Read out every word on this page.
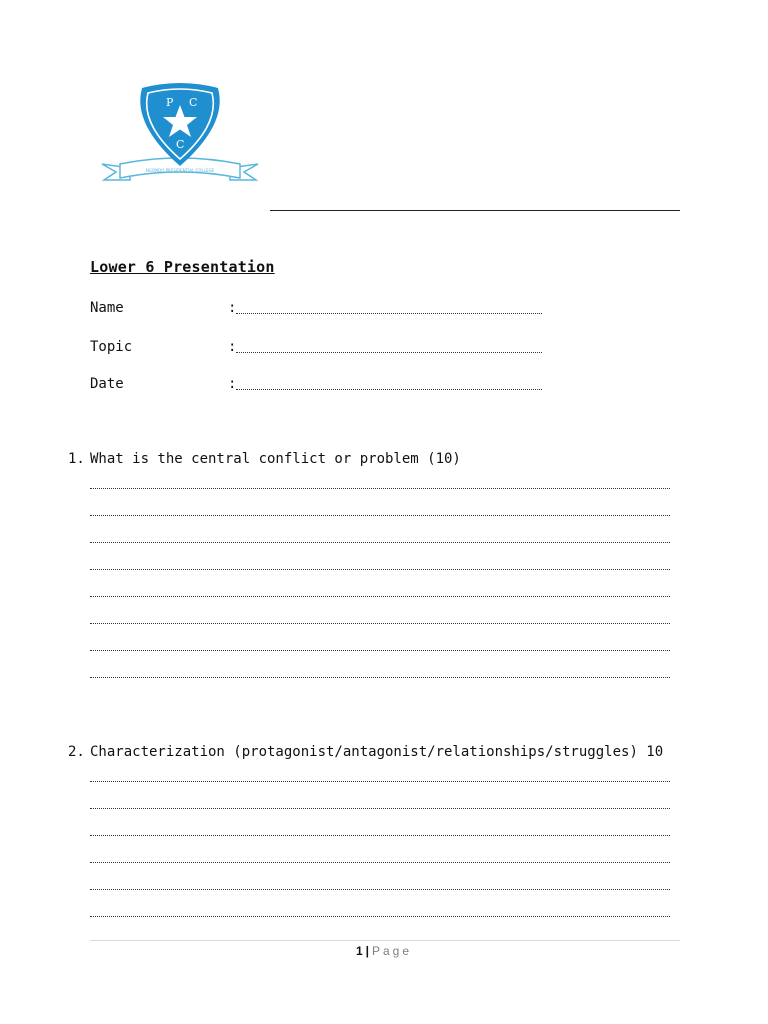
NGONDO PRESIDENTIAL COLLEGE
P C
C
Lower 6 Presentation
Name	:
Topic	:
Date	:
1. What is the central conflict or problem (10)
2. Characterization (protagonist/antagonist/relationships/struggles) 10
1 | Page
